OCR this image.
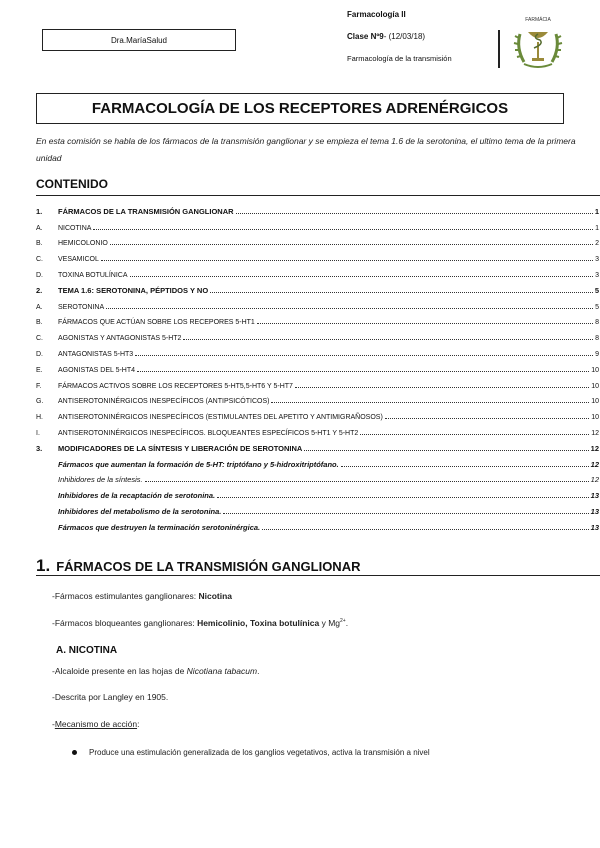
Dra.MaríaSalud
Farmacología II
Clase Nº9- (12/03/18)
Farmacología de la transmisión
FARMÁCIA
FARMACOLOGÍA DE LOS RECEPTORES ADRENÉRGICOS
En esta comisión se habla de los fármacos de la transmisión ganglionar y se empieza el tema 1.6 de la serotonina, el ultimo tema de la primera unidad
CONTENIDO
1. FÁRMACOS DE LA TRANSMISIÓN GANGLIONAR	1
A. NICOTINA	1
B. HEMICOLONIO	2
C. VESAMICOL	3
D. TOXINA BOTULÍNICA	3
2. TEMA 1.6: SEROTONINA, PÉPTIDOS Y NO	5
A. SEROTONINA	5
B. FÁRMACOS QUE ACTÚAN SOBRE LOS RECEPORES 5-HT1	8
C. AGONISTAS Y ANTAGONISTAS 5-HT2	8
D. ANTAGONISTAS 5-HT3	9
E. AGONISTAS DEL 5-HT4	10
F. FÁRMACOS ACTIVOS SOBRE LOS RECEPTORES 5-HT5,5-HT6 Y 5-HT7	10
G. ANTISEROTONINÉRGICOS INESPECÍFICOS (ANTIPSICÓTICOS)	10
H. ANTISEROTONINÉRGICOS INESPECÍFICOS (ESTIMULANTES DEL APETITO Y ANTIMIGRAÑOSOS)	10
I.	ANTISEROTONINÉRGICOS INESPECÍFICOS. BLOQUEANTES ESPECÍFICOS 5-HT1 Y 5-HT2	12
3. MODIFICADORES DE LA SÍNTESIS Y LIBERACIÓN DE SEROTONINA	12
Fármacos que aumentan la formación de 5-HT: triptófano y 5-hidroxitriptófano.	12
Inhibidores de la síntesis.	12
Inhibidores de la recaptación de serotonina.	13
Inhibidores del metabolismo de la serotonina.	13
Fármacos que destruyen la terminación serotoninérgica.	13
1. FÁRMACOS DE LA TRANSMISIÓN GANGLIONAR
-Fármacos estimulantes ganglionares: Nicotina
-Fármacos bloqueantes ganglionares: Hemicolinio, Toxina botulínica y $Mg^{2+}$.
A. NICOTINA
-Alcaloide presente en las hojas de Nicotiana tabacum.
-Descrita por Langley en 1905.
-Mecanismo de acción:
Produce una estimulación generalizada de los ganglios vegetativos, activa la transmisión a nivel
